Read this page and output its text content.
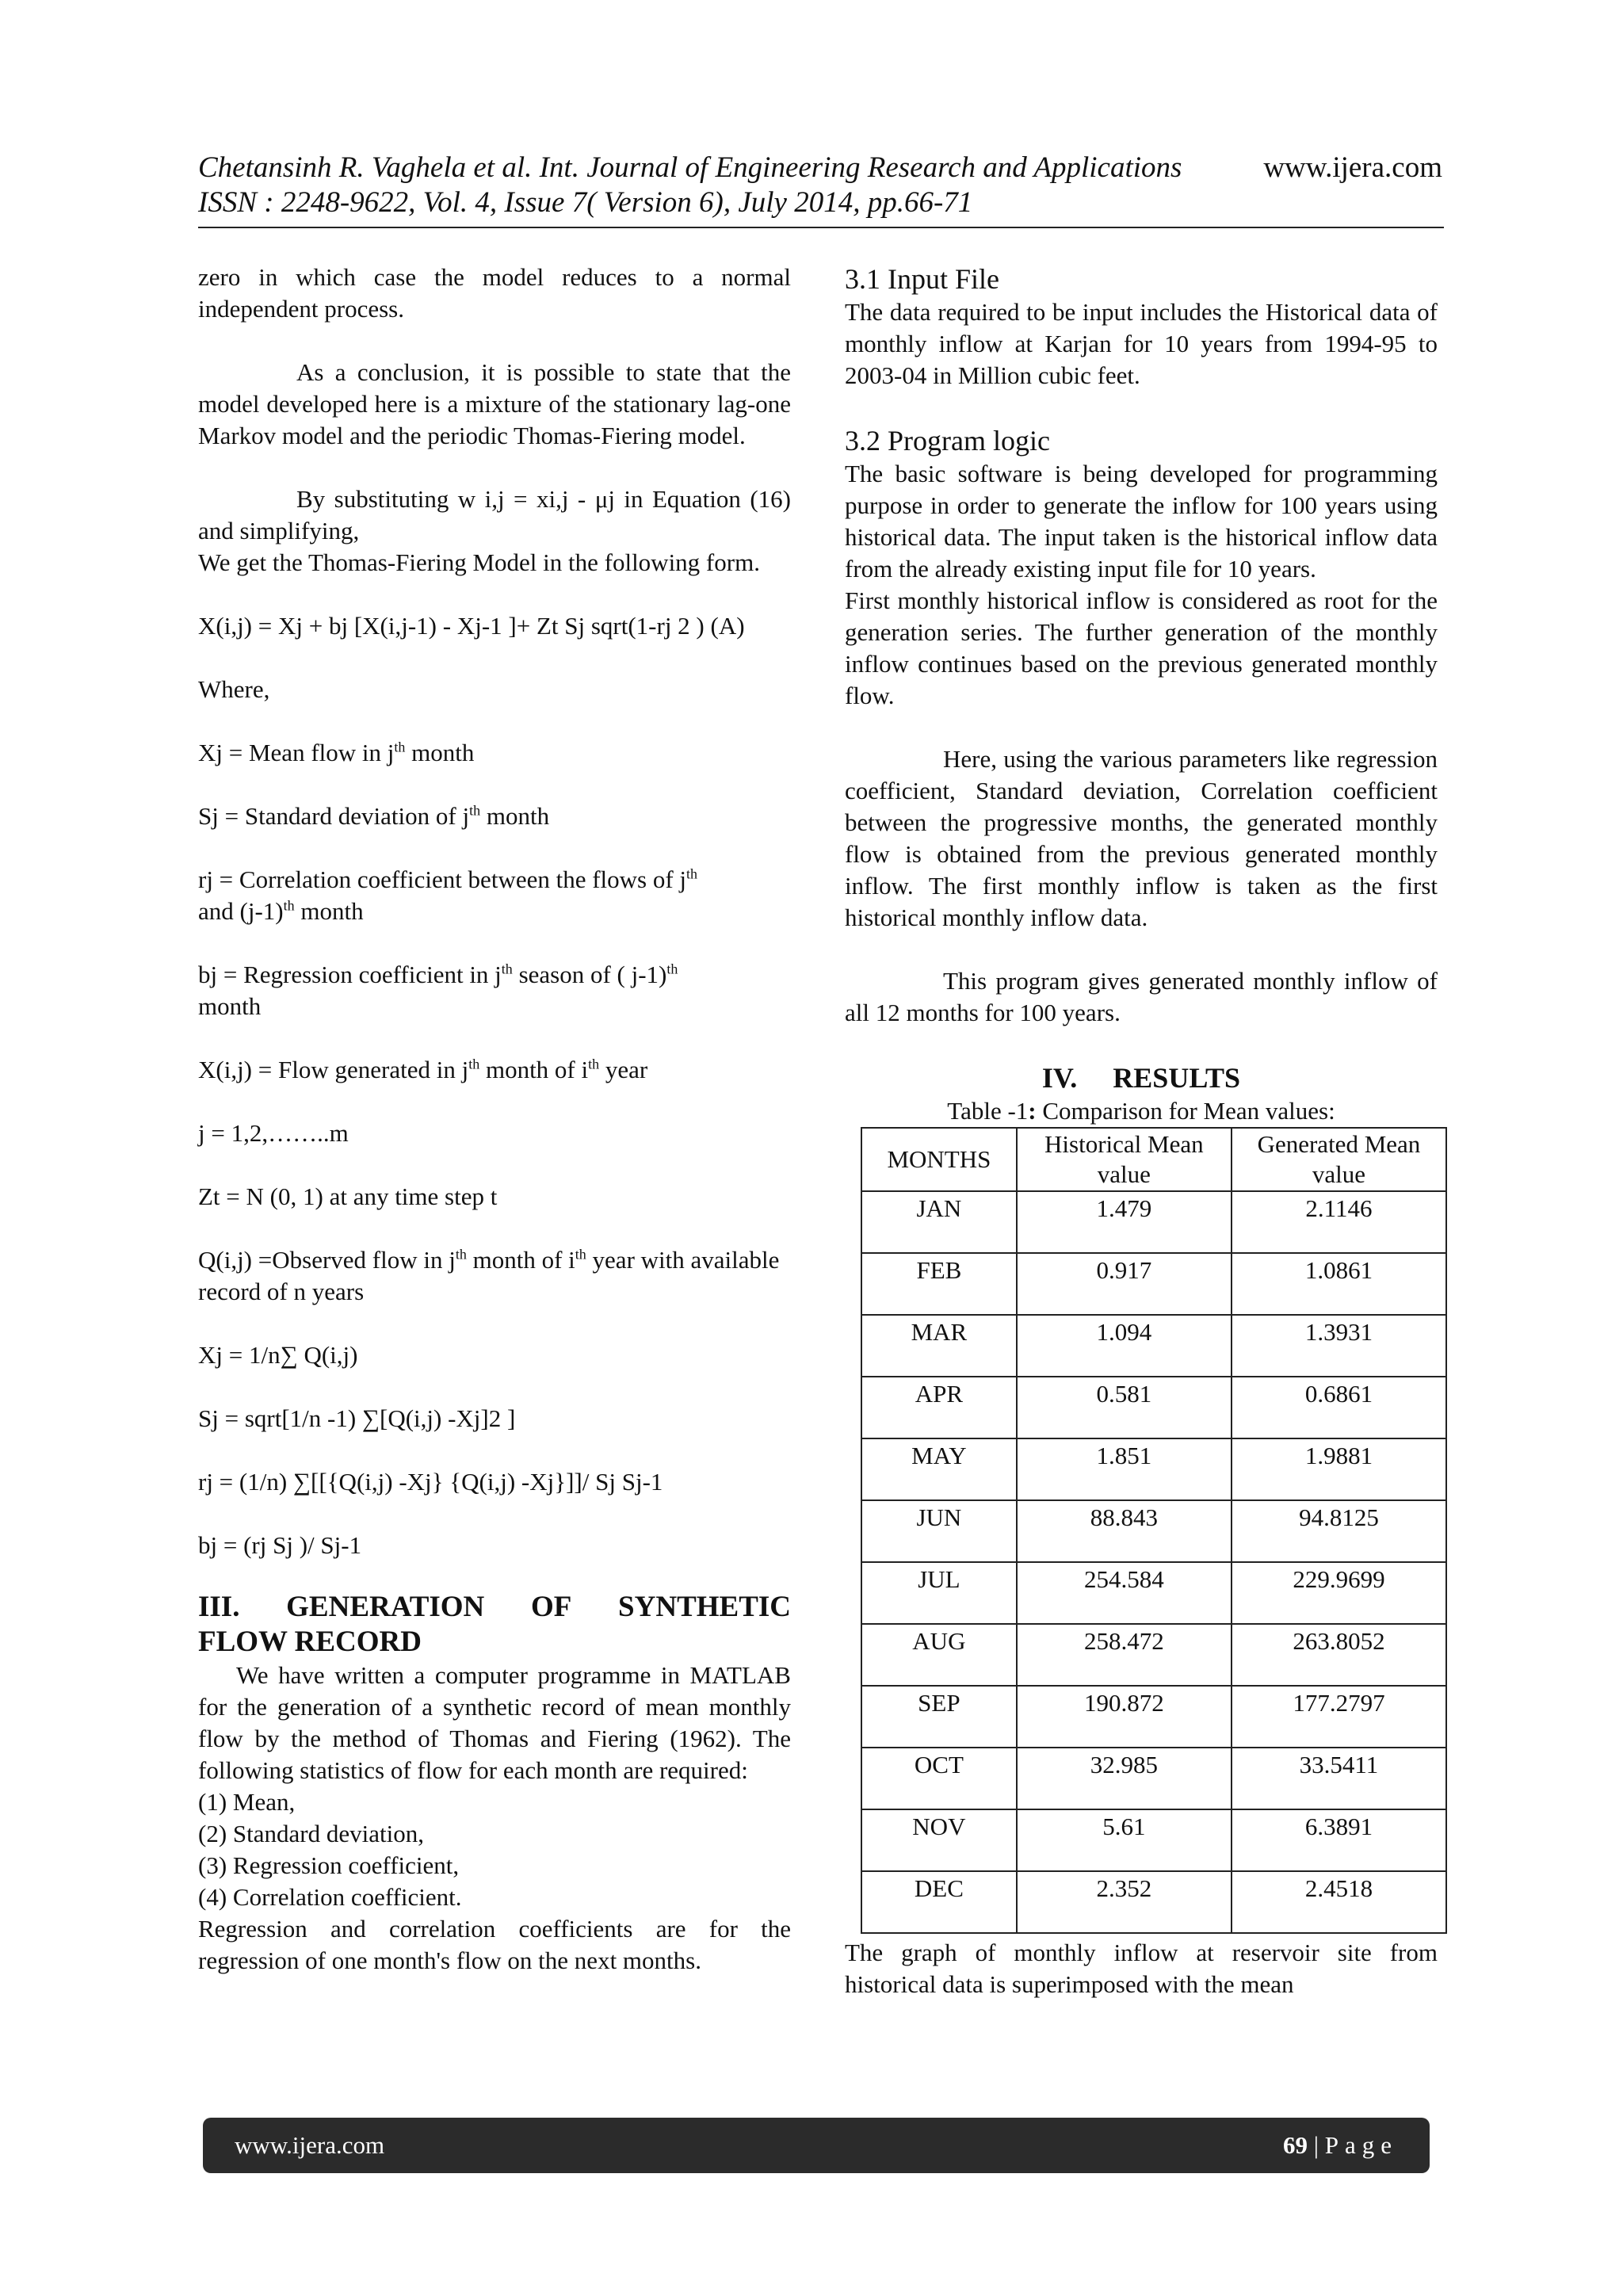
Chetansinh R. Vaghela et al. Int. Journal of Engineering Research and Applications	www.ijera.com
ISSN : 2248-9622, Vol. 4, Issue 7( Version 6), July 2014, pp.66-71

zero in which case the model reduces to a normal independent process.

As a conclusion, it is possible to state that the model developed here is a mixture of the stationary lag-one Markov model and the periodic Thomas-Fiering model.

By substituting w i,j = xi,j - μj in Equation (16) and simplifying,

We get the Thomas-Fiering Model in the following form.

X(i,j) = Xj + bj [X(i,j-1) - Xj-1 ]+ Zt Sj sqrt(1-rj 2 ) (A)

Where,

Xj = Mean flow in $j^{th}$ month

Sj = Standard deviation of $j^{th}$ month

rj = Correlation coefficient between the flows of $j^{th}$
and $(j-1)^{th}$ month

bj = Regression coefficient in $j^{th}$ season of ( j-1)$^{th}$
month

X(i,j) = Flow generated in $j^{th}$ month of $i^{th}$ year

j = 1,2,……..m

Zt = N (0, 1) at any time step t

Q(i,j) =Observed flow in $j^{th}$ month of $i^{th}$ year with available record of n years

Xj = 1/n∑ Q(i,j)

Sj = sqrt[1/n -1) ∑[Q(i,j) -Xj]2 ]

rj = (1/n) ∑[[{Q(i,j) -Xj} {Q(i,j) -Xj}]]/ Sj Sj-1

bj = (rj Sj )/ Sj-1

III. GENERATION OF SYNTHETIC
FLOW RECORD

We have written a computer programme in MATLAB for the generation of a synthetic record of mean monthly flow by the method of Thomas and Fiering (1962). The following statistics of flow for each month are required:

(1) Mean,

(2) Standard deviation,

(3) Regression coefficient,

(4) Correlation coefficient.

Regression and correlation coefficients are for the regression of one month's flow on the next months.

3.1 Input File

The data required to be input includes the Historical data of monthly inflow at Karjan for 10 years from 1994-95 to 2003-04 in Million cubic feet.

3.2 Program logic

The basic software is being developed for programming purpose in order to generate the inflow for 100 years using historical data. The input taken is the historical inflow data from the already existing input file for 10 years.

First monthly historical inflow is considered as root for the generation series. The further generation of the monthly inflow continues based on the previous generated monthly flow.

Here, using the various parameters like regression coefficient, Standard deviation, Correlation coefficient between the progressive months, the generated monthly flow is obtained from the previous generated monthly inflow. The first monthly inflow is taken as the first historical monthly inflow data.

This program gives generated monthly inflow of all 12 months for 100 years.

IV. RESULTS

Table -1: Comparison for Mean values:

MONTHS	Historical Mean value	Generated Mean value
JAN	1.479	2.1146
FEB	0.917	1.0861
MAR	1.094	1.3931
APR	0.581	0.6861
MAY	1.851	1.9881
JUN	88.843	94.8125
JUL	254.584	229.9699
AUG	258.472	263.8052
SEP	190.872	177.2797
OCT	32.985	33.5411
NOV	5.61	6.3891
DEC	2.352	2.4518

The graph of monthly inflow at reservoir site from historical data is superimposed with the mean

www.ijera.com	69 | Page
